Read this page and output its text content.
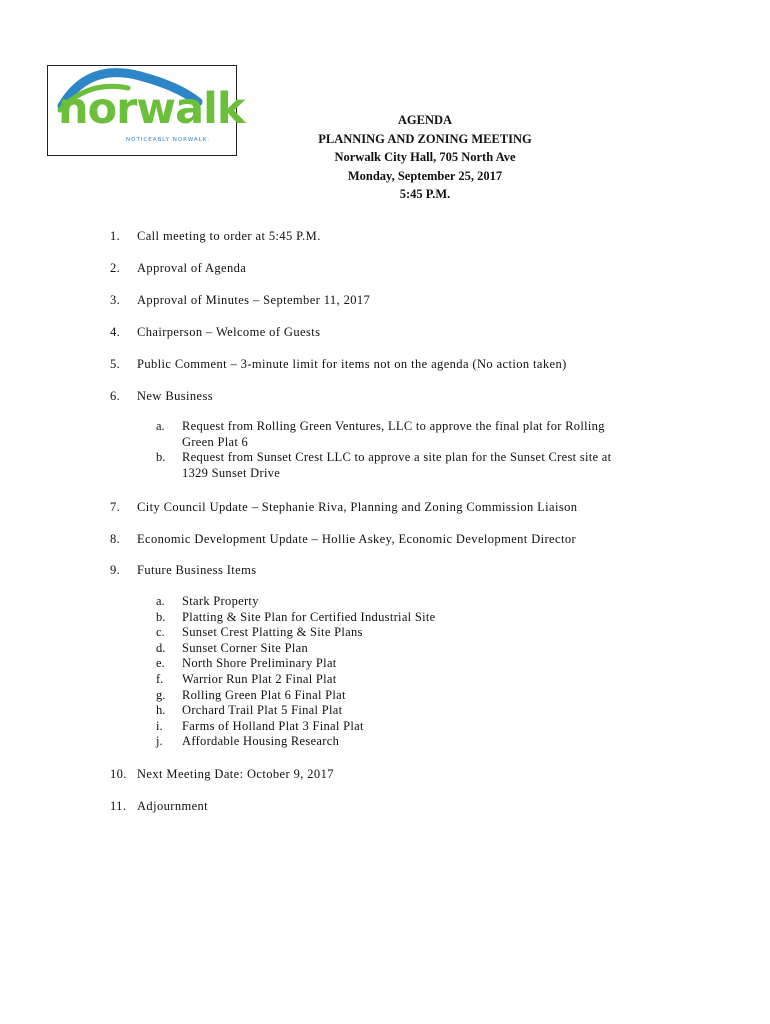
norwalk
NOTICEABLY NORWALK.
AGENDA
PLANNING AND ZONING MEETING
Norwalk City Hall, 705 North Ave
Monday, September 25, 2017
5:45 P.M.
1. Call meeting to order at 5:45 P.M.
2. Approval of Agenda
3. Approval of Minutes – September 11, 2017
4. Chairperson – Welcome of Guests
5. Public Comment – 3-minute limit for items not on the agenda (No action taken)
6. New Business
a.	Request from Rolling Green Ventures, LLC to approve the final plat for Rolling
Green Plat 6
b.	Request from Sunset Crest LLC to approve a site plan for the Sunset Crest site at
1329 Sunset Drive
7. City Council Update – Stephanie Riva, Planning and Zoning Commission Liaison
8. Economic Development Update – Hollie Askey, Economic Development Director
9. Future Business Items
a.	Stark Property
b.	Platting & Site Plan for Certified Industrial Site
c.	Sunset Crest Platting & Site Plans
d.	Sunset Corner Site Plan
e.	North Shore Preliminary Plat
f.	Warrior Run Plat 2 Final Plat
g.	Rolling Green Plat 6 Final Plat
h.	Orchard Trail Plat 5 Final Plat
i.	Farms of Holland Plat 3 Final Plat
j.	Affordable Housing Research
10. Next Meeting Date: October 9, 2017
11. Adjournment
